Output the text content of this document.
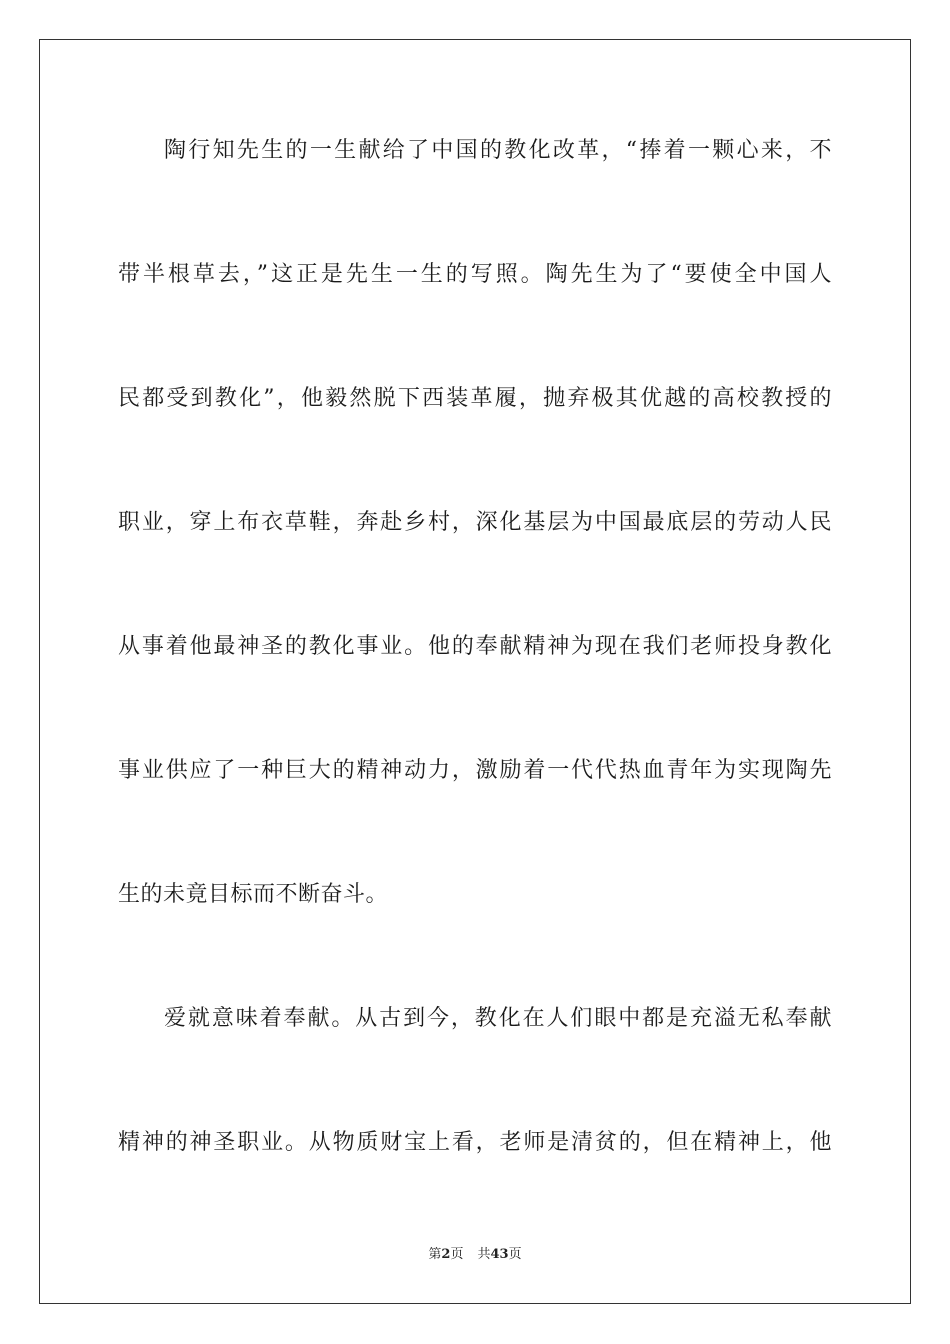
陶行知先生的一生献给了中国的教化改革，“捧着一颗心来，不
带半根草去，”这正是先生一生的写照。陶先生为了“要使全中国人
民都受到教化”，他毅然脱下西装革履，抛弃极其优越的高校教授的
职业，穿上布衣草鞋，奔赴乡村，深化基层为中国最底层的劳动人民
从事着他最神圣的教化事业。他的奉献精神为现在我们老师投身教化
事业供应了一种巨大的精神动力，激励着一代代热血青年为实现陶先
生的未竟目标而不断奋斗。
爱就意味着奉献。从古到今，教化在人们眼中都是充溢无私奉献
精神的神圣职业。从物质财宝上看，老师是清贫的，但在精神上，他
第2页 共43页
